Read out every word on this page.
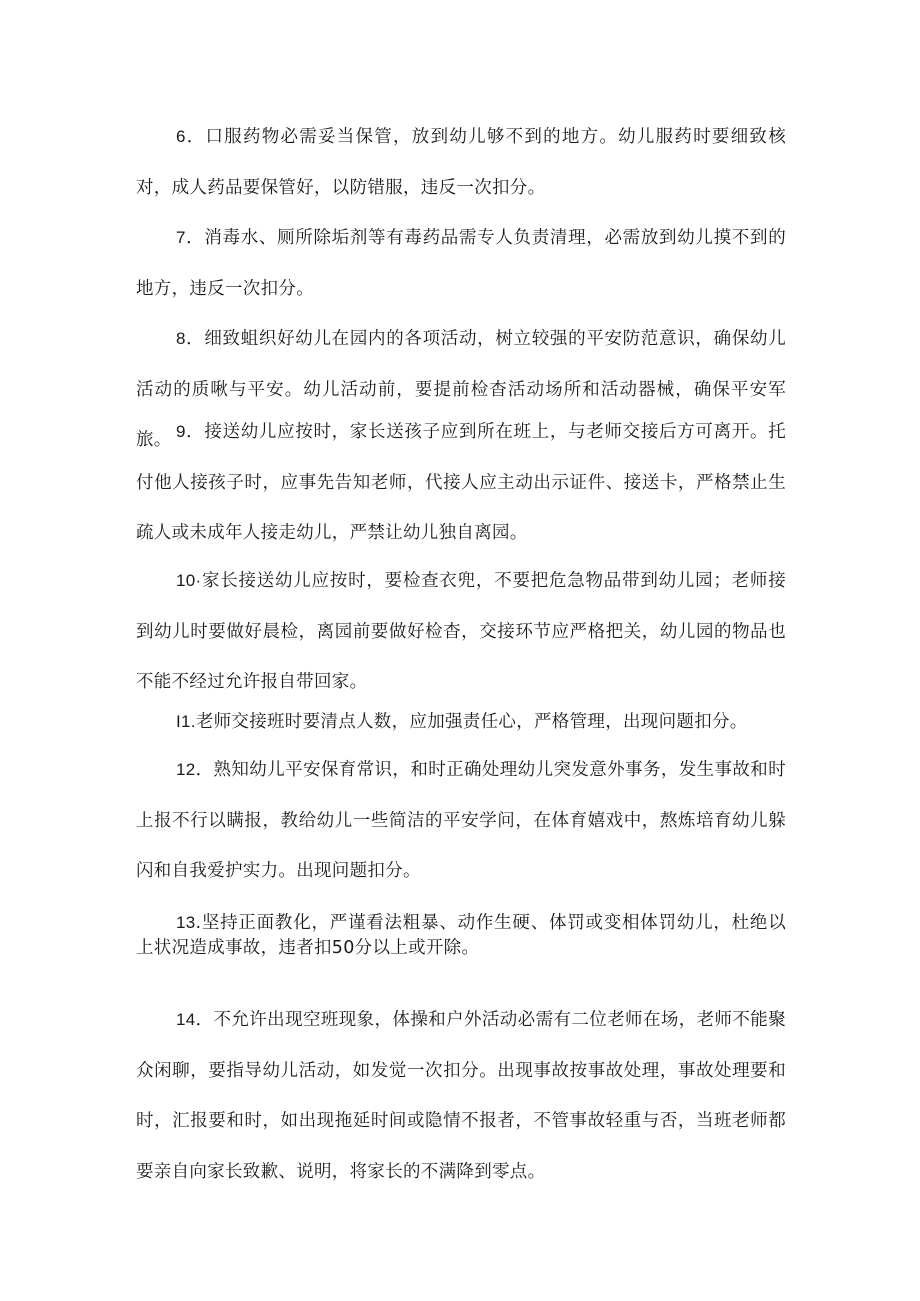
6．口服药物必需妥当保管，放到幼儿够不到的地方。幼儿服药时要细致核对，成人药品要保管好，以防错服，违反一次扣分。

7．消毒水、厕所除垢剂等有毒药品需专人负责清理，必需放到幼儿摸不到的地方，违反一次扣分。

8．细致蛆织好幼儿在园内的各项活动，树立较强的平安防范意识，确保幼儿活动的质啾与平安。幼儿活动前，要提前检杳活动场所和活动器械，确保平安军旅。 9．接送幼儿应按时，家长送孩子应到所在班上，与老师交接后方可离开。托付他人接孩子时，应事先告知老师，代接人应主动出示证件、接送卡，严格禁止生疏人或未成年人接走幼儿，严禁让幼儿独自离园。

10·家长接送幼儿应按时，要检查衣兜，不要把危急物品带到幼儿园；老师接到幼儿时要做好晨检，离园前要做好检杳，交接环节应严格把关，幼儿园的物品也不能不经过允许报自带回家。

I1.老师交接班时要清点人数，应加强责任心，严格管理，出现问题扣分。

12．熟知幼儿平安保育常识，和时正确处理幼儿突发意外事务，发生事故和时上报不行以瞒报，教给幼儿一些简洁的平安学问，在体育嬉戏中，熬炼培育幼儿躲闪和自我爱护实力。出现问题扣分。

13.坚持正面教化，严谨看法粗暴、动作生硬、体罚或变相体罚幼儿，杜绝以上状况造成事故，违者扣50分以上或开除。

14．不允许出现空班现象，体操和户外活动必需有二位老师在场，老师不能聚众闲聊，要指导幼儿活动，如发觉一次扣分。出现事故按事故处理，事故处理要和时，汇报要和时，如出现拖延时间或隐情不报者，不管事故轻重与否，当班老师都要亲自向家长致歉、说明，将家长的不满降到零点。
